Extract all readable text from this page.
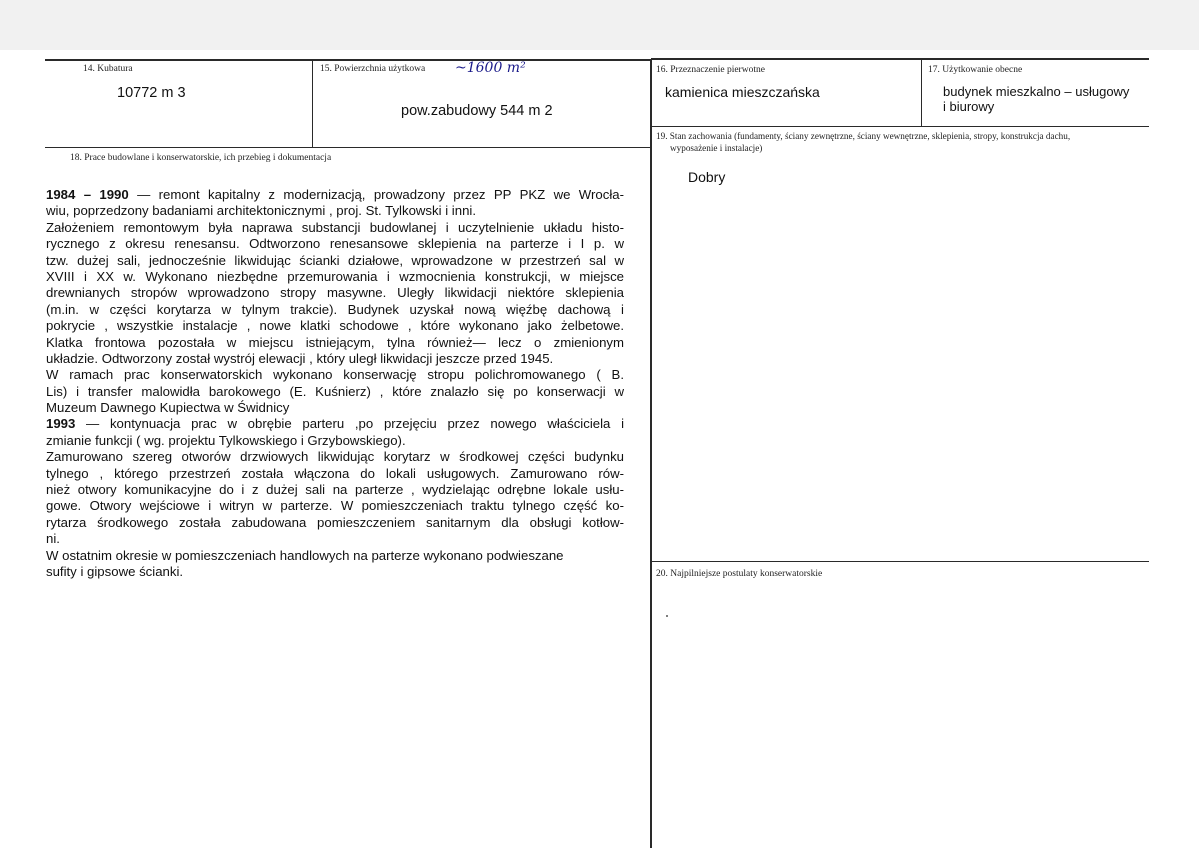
14. Kubatura
10772 m 3
15. Powierzchnia użytkowa ~1600 m²
pow.zabudowy 544 m 2
16. Przeznaczenie pierwotne
kamienica mieszczańska
17. Użytkowanie obecne
budynek mieszkalno – usługowy
i biurowy
18. Prace budowlane i konserwatorskie, ich przebieg i dokumentacja
19. Stan zachowania (fundamenty, ściany zewnętrzne, ściany wewnętrzne, sklepienia, stropy, konstrukcja dachu,
wyposażenie i instalacje)
Dobry
20. Najpilniejsze postulaty konserwatorskie
1984 – 1990 — remont kapitalny z modernizacją, prowadzony przez PP PKZ we Wrocła-
wiu, poprzedzony badaniami architektonicznymi , proj. St. Tylkowski i inni.
Założeniem remontowym była naprawa substancji budowlanej i uczytelnienie układu histo-
rycznego z okresu renesansu. Odtworzono renesansowe sklepienia na parterze i I p. w
tzw. dużej sali, jednocześnie likwidując ścianki działowe, wprowadzone w przestrzeń sal w
XVIII i XX w. Wykonano niezbędne przemurowania i wzmocnienia konstrukcji, w miejsce
drewnianych stropów wprowadzono stropy masywne. Uległy likwidacji niektóre sklepienia
(m.in. w części korytarza w tylnym trakcie). Budynek uzyskał nową więźbę dachową i
pokrycie , wszystkie instalacje , nowe klatki schodowe , które wykonano jako żelbetowe.
Klatka frontowa pozostała w miejscu istniejącym, tylna również— lecz o zmienionym
układzie. Odtworzony został wystrój elewacji , który uległ likwidacji jeszcze przed 1945.
W ramach prac konserwatorskich wykonano konserwację stropu polichromowanego ( B.
Lis) i transfer malowidła barokowego (E. Kuśnierz) , które znalazło się po konserwacji w
Muzeum Dawnego Kupiectwa w Świdnicy
1993 — kontynuacja prac w obrębie parteru ,po przejęciu przez nowego właściciela i
zmianie funkcji ( wg. projektu Tylkowskiego i Grzybowskiego).
Zamurowano szereg otworów drzwiowych likwidując korytarz w środkowej części budynku
tylnego , którego przestrzeń została włączona do lokali usługowych. Zamurowano rów-
nież otwory komunikacyjne do i z dużej sali na parterze , wydzielając odrębne lokale usłu-
gowe. Otwory wejściowe i witryn w parterze. W pomieszczeniach traktu tylnego część ko-
rytarza środkowego została zabudowana pomieszczeniem sanitarnym dla obsługi kotłow-
ni.
W ostatnim okresie w pomieszczeniach handlowych na parterze wykonano podwieszane
sufity i gipsowe ścianki.
